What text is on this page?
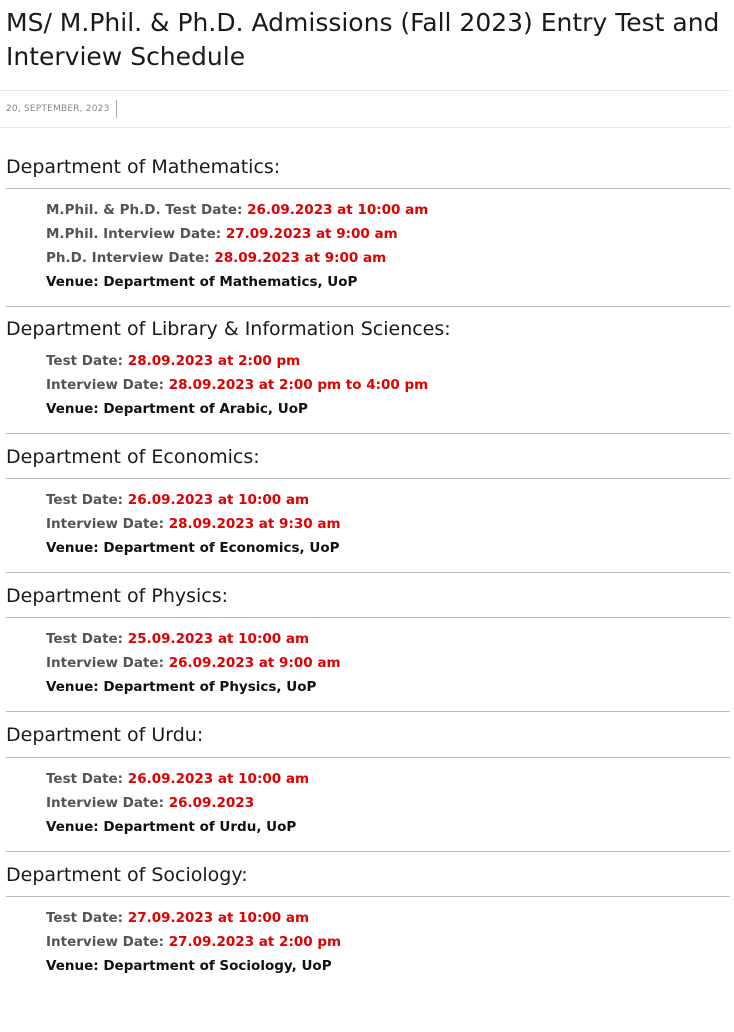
MS/ M.Phil. & Ph.D. Admissions (Fall 2023) Entry Test and Interview Schedule
20, SEPTEMBER, 2023
Department of Mathematics:
M.Phil. & Ph.D. Test Date: 26.09.2023 at 10:00 am
M.Phil. Interview Date: 27.09.2023 at 9:00 am
Ph.D. Interview Date: 28.09.2023 at 9:00 am
Venue: Department of Mathematics, UoP
Department of Library & Information Sciences:
Test Date: 28.09.2023 at 2:00 pm
Interview Date: 28.09.2023 at 2:00 pm to 4:00 pm
Venue: Department of Arabic, UoP
Department of Economics:
Test Date: 26.09.2023 at 10:00 am
Interview Date: 28.09.2023 at 9:30 am
Venue: Department of Economics, UoP
Department of Physics:
Test Date: 25.09.2023 at 10:00 am
Interview Date: 26.09.2023 at 9:00 am
Venue: Department of Physics, UoP
Department of Urdu:
Test Date: 26.09.2023 at 10:00 am
Interview Date: 26.09.2023
Venue: Department of Urdu, UoP
Department of Sociology:
Test Date: 27.09.2023 at 10:00 am
Interview Date: 27.09.2023 at 2:00 pm
Venue: Department of Sociology, UoP
